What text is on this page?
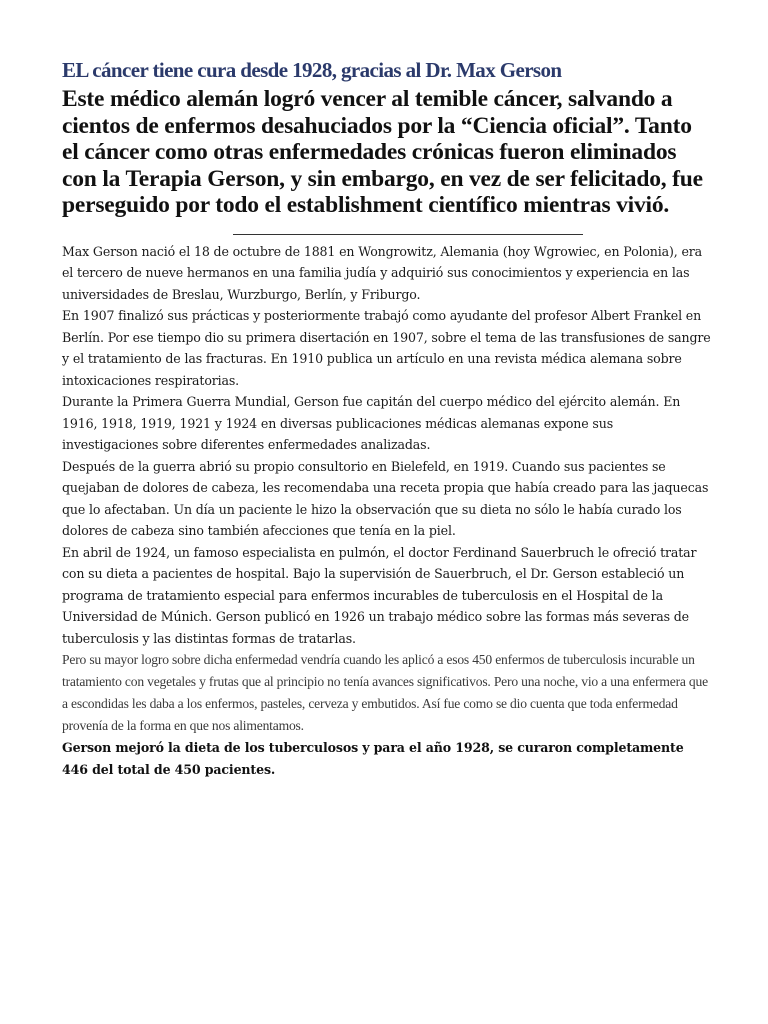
EL cáncer tiene cura desde 1928, gracias al Dr. Max Gerson
Este médico alemán logró vencer al temible cáncer, salvando a cientos de enfermos desahuciados por la “Ciencia oficial”. Tanto el cáncer como otras enfermedades crónicas fueron eliminados con la Terapia Gerson, y sin embargo, en vez de ser felicitado, fue perseguido por todo el establishment científico mientras vivió.

Max Gerson nació el 18 de octubre de 1881 en Wongrowitz, Alemania (hoy Wgrowiec, en Polonia), era el tercero de nueve hermanos en una familia judía y adquirió sus conocimientos y experiencia en las universidades de Breslau, Wurzburgo, Berlín, y Friburgo.

En 1907 finalizó sus prácticas y posteriormente trabajó como ayudante del profesor Albert Frankel en Berlín. Por ese tiempo dio su primera disertación en 1907, sobre el tema de las transfusiones de sangre y el tratamiento de las fracturas. En 1910 publica un artículo en una revista médica alemana sobre intoxicaciones respiratorias.

Durante la Primera Guerra Mundial, Gerson fue capitán del cuerpo médico del ejército alemán. En 1916, 1918, 1919, 1921 y 1924 en diversas publicaciones médicas alemanas expone sus investigaciones sobre diferentes enfermedades analizadas.

Después de la guerra abrió su propio consultorio en Bielefeld, en 1919. Cuando sus pacientes se quejaban de dolores de cabeza, les recomendaba una receta propia que había creado para las jaquecas que lo afectaban. Un día un paciente le hizo la observación que su dieta no sólo le había curado los dolores de cabeza sino también afecciones que tenía en la piel.

En abril de 1924, un famoso especialista en pulmón, el doctor Ferdinand Sauerbruch le ofreció tratar con su dieta a pacientes de hospital. Bajo la supervisión de Sauerbruch, el Dr. Gerson estableció un programa de tratamiento especial para enfermos incurables de tuberculosis en el Hospital de la Universidad de Múnich. Gerson publicó en 1926 un trabajo médico sobre las formas más severas de tuberculosis y las distintas formas de tratarlas.

Pero su mayor logro sobre dicha enfermedad vendría cuando les aplicó a esos 450 enfermos de tuberculosis incurable un tratamiento con vegetales y frutas que al principio no tenía avances significativos. Pero una noche, vio a una enfermera que a escondidas les daba a los enfermos, pasteles, cerveza y embutidos. Así fue como se dio cuenta que toda enfermedad provenía de la forma en que nos alimentamos.

Gerson mejoró la dieta de los tuberculosos y para el año 1928, se curaron completamente 446 del total de 450 pacientes.
